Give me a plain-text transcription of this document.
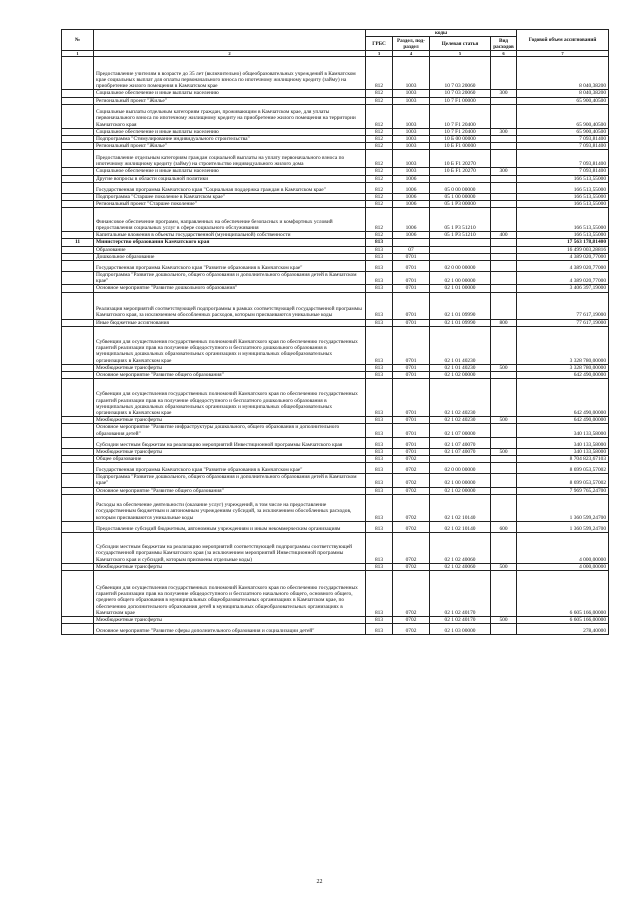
№		коды				Годовой объем ассигнований
		ГРБС	Раздел, под-раздел	Целевая статья	Вид расходов	
1	2	3	4	5	6	7
	Предоставление учителям в возрасте до 35 лет (включительно) общеобразовательных учреждений в Камчатском крае социальных выплат для оплаты первоначального взноса по ипотечному жилищному кредиту (займу) на приобретение жилого помещения в Камчатском крае	812	1003	10 7 03 20060		8 040,38200
	Социальное обеспечение и иные выплаты населению	812	1003	10 7 03 20060	300	8 040,38200
	Региональный проект "Жилье"	812	1003	10 7 F1 00000		65 900,40500
	Социальные выплаты отдельным категориям граждан, проживающим в Камчатском крае, для уплаты первоначального взноса по ипотечному жилищному кредиту на приобретение жилого помещения на территории Камчатского края	812	1003	10 7 F1 20400		65 900,40500
	Социальное обеспечение и иные выплаты населению	812	1003	10 7 F1 20400	300	65 900,40500
	Подпрограмма "Стимулирование индивидуального строительства"	812	1003	10 Б 00 00000		7 093,81400
	Региональный проект "Жилье"	812	1003	10 Б F1 00000		7 093,81400
	Предоставление отдельным категориям граждан социальной выплаты на уплату первоначального взноса по ипотечному жилищному кредиту (займу) на строительство индивидуального жилого дома	812	1003	10 Б F1 20270		7 093,81400
	Социальное обеспечение и иные выплаты населению	812	1003	10 Б F1 20270	300	7 093,81400
	Другие вопросы в области социальной политики	812	1006			166 513,55000
	Государственная программа Камчатского края "Социальная поддержка граждан в Камчатском крае"	812	1006	05 0 00 00000		166 513,55000
	Подпрограмма "Старшее поколение в Камчатском крае"	812	1006	05 1 00 00000		166 513,55000
	Региональный проект "Старшее поколение"	812	1006	05 1 P3 00000		166 513,55000
	Финансовое обеспечение программ, направленных на обеспечение безопасных и комфортных условий предоставления социальных услуг в сфере социального обслуживания	812	1006	05 1 P3 51210		166 513,55000
	Капитальные вложения в объекты государственной (муниципальной) собственности	812	1006	05 1 P3 51210	400	166 513,55000
11	Министерство образования Камчатского края	813				17 563 178,81400
	Образование	813	07			16 499 003,28816
	Дошкольное образование	813	0701			4 389 020,77000
	Государственная программа Камчатского края "Развитие образования в Камчатском крае"	813	0701	02 0 00 00000		4 389 020,77000
	Подпрограмма "Развитие дошкольного, общего образования и дополнительного образования детей в Камчатском крае"	813	0701	02 1 00 00000		4 389 020,77000
	Основное мероприятие "Развитие дошкольного образования"	813	0701	02 1 01 00000		3 406 397,19000
	Реализация мероприятий соответствующей подпрограммы в рамках соответствующей государственной программы Камчатского края, за исключением обособленных расходов, которым присваиваются уникальные коды	813	0701	02 1 01 09990		77 617,19000
	Иные бюджетные ассигнования	813	0701	02 1 01 09990	800	77 617,19000
	Субвенции для осуществления государственных полномочий Камчатского края по обеспечению государственных гарантий реализации прав на получение общедоступного и бесплатного дошкольного образования в муниципальных дошкольных образовательных организациях и муниципальных общеобразовательных организациях в Камчатском крае	813	0701	02 1 01 40230		3 328 780,00000
	Межбюджетные трансферты	813	0701	02 1 01 40230	500	3 328 780,00000
	Основное мероприятие "Развитие общего образования"	813	0701	02 1 02 00000		642 490,00000
	Субвенции для осуществления государственных полномочий Камчатского края по обеспечению государственных гарантий реализации прав на получение общедоступного и бесплатного дошкольного образования в муниципальных дошкольных образовательных организациях и муниципальных общеобразовательных организациях в Камчатском крае	813	0701	02 1 02 40230		642 490,00000
	Межбюджетные трансферты	813	0701	02 1 02 40230	500	642 490,00000
	Основное мероприятие "Развитие инфраструктуры дошкольного, общего образования и дополнительного образования детей"	813	0701	02 1 07 00000		340 133,58000
	Субсидии местным бюджетам на реализацию мероприятий Инвестиционной программы Камчатского края	813	0701	02 1 07 40070		340 133,58000
	Межбюджетные трансферты	813	0701	02 1 07 40070	500	340 133,58000
	Общее образование	813	0702			8 704 823,67103
	Государственная программа Камчатского края "Развитие образования в Камчатском крае"	813	0702	02 0 00 00000		8 699 053,57002
	Подпрограмма "Развитие дошкольного, общего образования и дополнительного образования детей в Камчатском крае"	813	0702	02 1 00 00000		8 699 053,57002
	Основное мероприятие "Развитие общего образования"	813	0702	02 1 02 00000		7 969 765,24700
	Расходы на обеспечение деятельности (оказание услуг) учреждений, в том числе на предоставление государственным бюджетным и автономным учреждениям субсидий, за исключением обособленных расходов, которым присваиваются уникальные коды	813	0702	02 1 02 10140		1 360 599,24700
	Предоставление субсидий бюджетным, автономным учреждениям и иным некоммерческим организациям	813	0702	02 1 02 10140	600	1 360 599,24700
	Субсидии местным бюджетам на реализацию мероприятий соответствующей подпрограммы соответствующей государственной программы Камчатского края (за исключением мероприятий Инвестиционной программы Камчатского края и субсидий, которым присвоены отдельные коды)	813	0702	02 1 02 40060		4 000,00000
	Межбюджетные трансферты	813	0702	02 1 02 40060	500	4 000,00000
	Субвенции для осуществления государственных полномочий Камчатского края по обеспечению государственных гарантий реализации прав на получение общедоступного и бесплатного начального общего, основного общего, среднего общего образования в муниципальных общеобразовательных организациях в Камчатском крае, по обеспечению дополнительного образования детей в муниципальных общеобразовательных организациях в Камчатском крае	813	0702	02 1 02 40170		6 605 166,00000
	Межбюджетные трансферты	813	0702	02 1 02 40170	500	6 605 166,00000
	Основное мероприятие "Развитие сферы дополнительного образования и социализации детей"	813	0702	02 1 03 00000		278,40000
22
